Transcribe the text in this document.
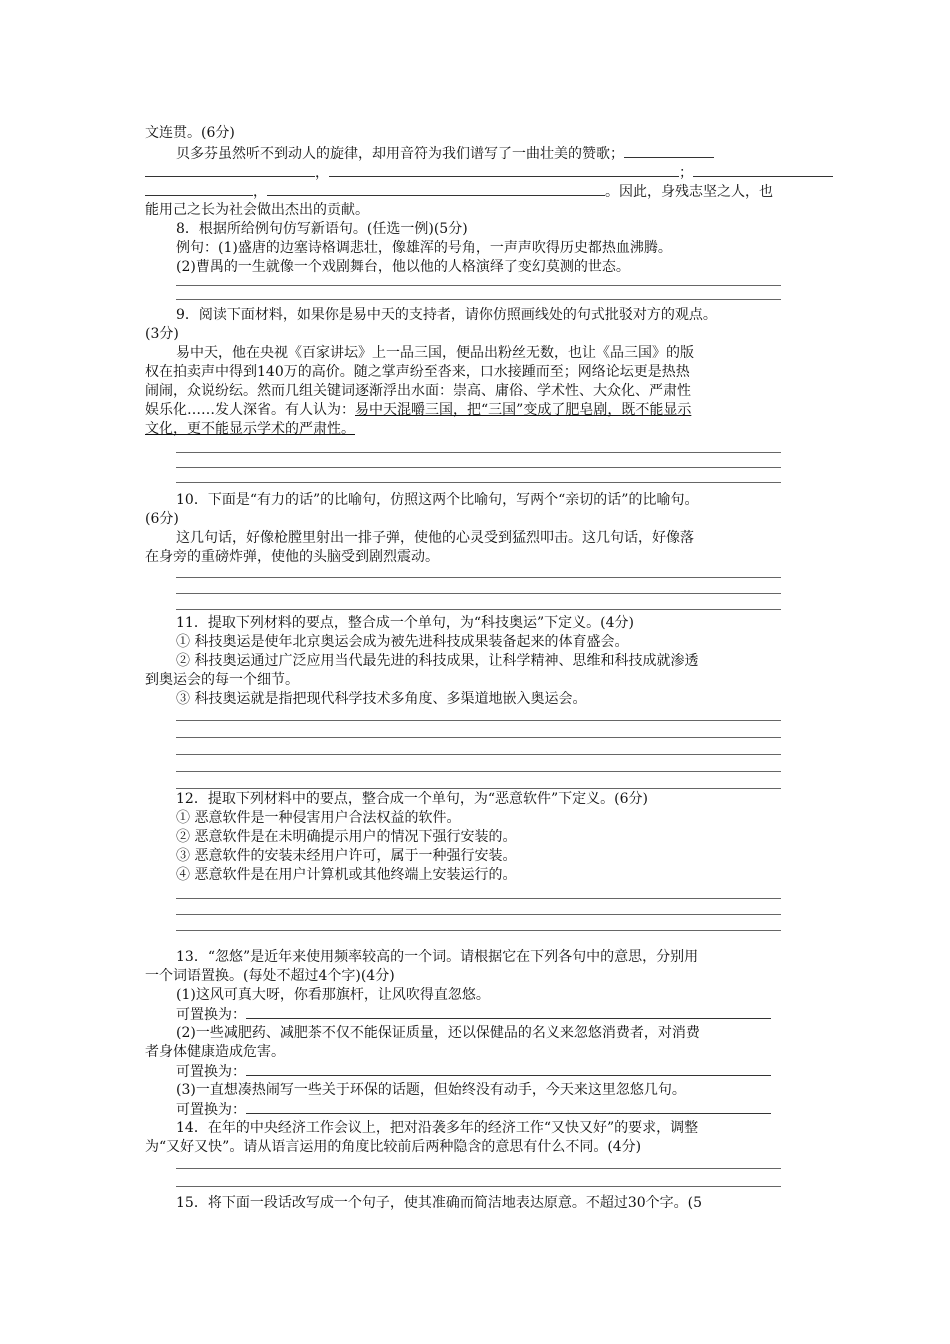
文连贯。(6分)
贝多芬虽然听不到动人的旋律，却用音符为我们谱写了一曲壮美的赞歌；
，	；
，	。因此，身残志坚之人，也
能用己之长为社会做出杰出的贡献。
8．根据所给例句仿写新语句。(任选一例)(5分)
例句：(1)盛唐的边塞诗格调悲壮，像雄浑的号角，一声声吹得历史都热血沸腾。
(2)曹禺的一生就像一个戏剧舞台，他以他的人格演绎了变幻莫测的世态。
9．阅读下面材料，如果你是易中天的支持者，请你仿照画线处的句式批驳对方的观点。
(3分)
易中天，他在央视《百家讲坛》上一品三国，便品出粉丝无数，也让《品三国》的版
权在拍卖声中得到140万的高价。随之掌声纷至沓来，口水接踵而至；网络论坛更是热热
闹闹，众说纷纭。然而几组关键词逐渐浮出水面：崇高、庸俗、学术性、大众化、严肃性
娱乐化……发人深省。有人认为：易中天混嚼三国，把“三国”变成了肥皂剧，既不能显示
文化，更不能显示学术的严肃性。
10．下面是“有力的话”的比喻句，仿照这两个比喻句，写两个“亲切的话”的比喻句。
(6分)
这几句话，好像枪膛里射出一排子弹，使他的心灵受到猛烈叩击。这几句话，好像落
在身旁的重磅炸弹，使他的头脑受到剧烈震动。
11．提取下列材料的要点，整合成一个单句，为“科技奥运”下定义。(4分)
① 科技奥运是使年北京奥运会成为被先进科技成果装备起来的体育盛会。
② 科技奥运通过广泛应用当代最先进的科技成果，让科学精神、思维和科技成就渗透
到奥运会的每一个细节。
③ 科技奥运就是指把现代科学技术多角度、多渠道地嵌入奥运会。
12．提取下列材料中的要点，整合成一个单句，为“恶意软件”下定义。(6分)
① 恶意软件是一种侵害用户合法权益的软件。
② 恶意软件是在未明确提示用户的情况下强行安装的。
③ 恶意软件的安装未经用户许可，属于一种强行安装。
④ 恶意软件是在用户计算机或其他终端上安装运行的。
13．“忽悠”是近年来使用频率较高的一个词。请根据它在下列各句中的意思，分别用
一个词语置换。(每处不超过4个字)(4分)
(1)这风可真大呀，你看那旗杆，让风吹得直忽悠。
可置换为：
(2)一些减肥药、减肥茶不仅不能保证质量，还以保健品的名义来忽悠消费者，对消费
者身体健康造成危害。
可置换为：
(3)一直想凑热闹写一些关于环保的话题，但始终没有动手，今天来这里忽悠几句。
可置换为：
14．在年的中央经济工作会议上，把对沿袭多年的经济工作“又快又好”的要求，调整
为“又好又快”。请从语言运用的角度比较前后两种隐含的意思有什么不同。(4分)
15．将下面一段话改写成一个句子，使其准确而简洁地表达原意。不超过30个字。(5
